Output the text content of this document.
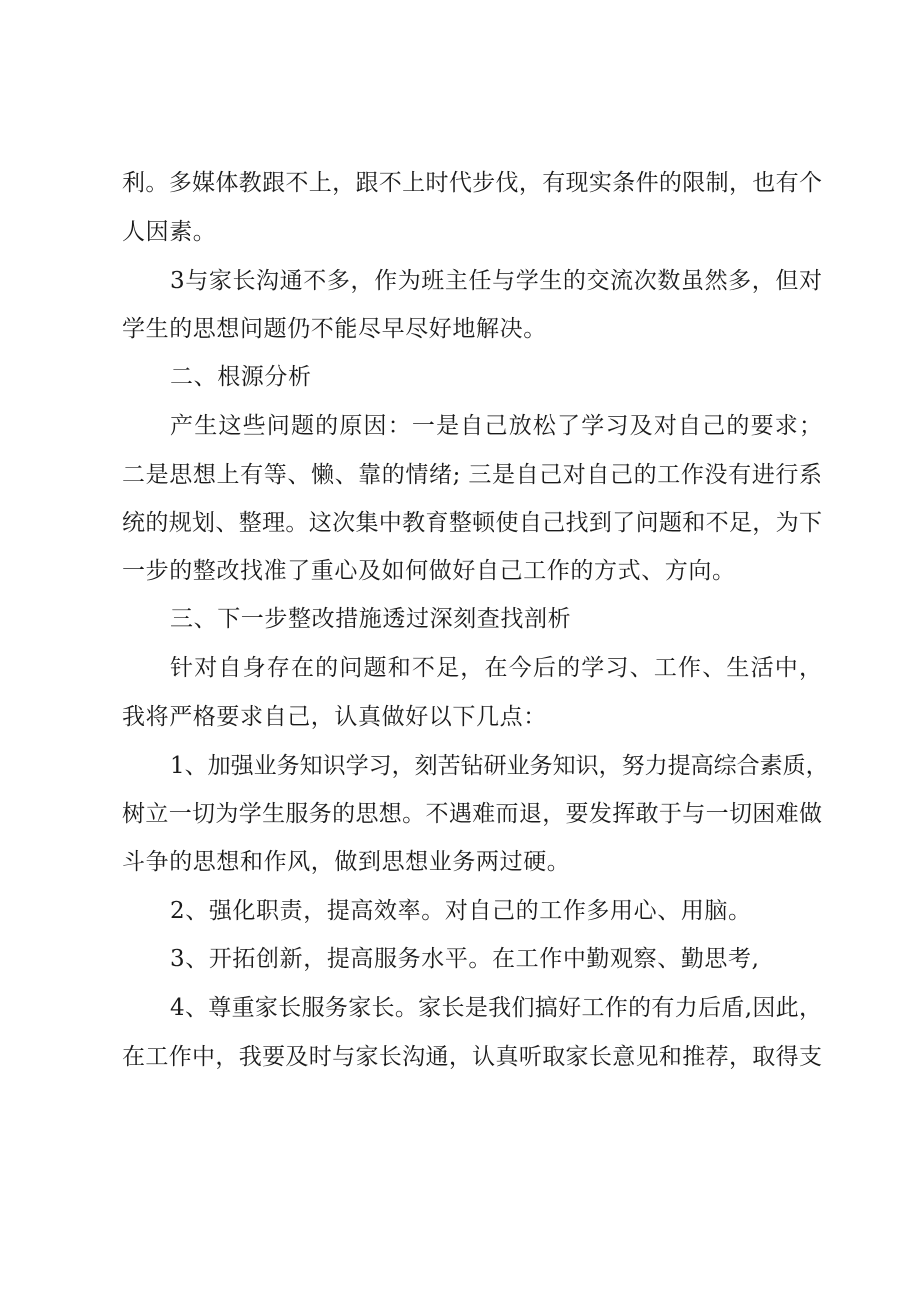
利。多媒体教跟不上，跟不上时代步伐，有现实条件的限制，也有个
人因素。
3与家长沟通不多，作为班主任与学生的交流次数虽然多，但对
学生的思想问题仍不能尽早尽好地解决。
二、根源分析
产生这些问题的原因：一是自己放松了学习及对自己的要求；
二是思想上有等、懒、靠的情绪; 三是自己对自己的工作没有进行系
统的规划、整理。这次集中教育整顿使自己找到了问题和不足，为下
一步的整改找准了重心及如何做好自己工作的方式、方向。
三、下一步整改措施透过深刻查找剖析
针对自身存在的问题和不足，在今后的学习、工作、生活中，
我将严格要求自己，认真做好以下几点：
1、加强业务知识学习，刻苦钻研业务知识，努力提高综合素质，
树立一切为学生服务的思想。不遇难而退，要发挥敢于与一切困难做
斗争的思想和作风，做到思想业务两过硬。
2、强化职责，提高效率。对自己的工作多用心、用脑。
3、开拓创新，提高服务水平。在工作中勤观察、勤思考,
4、尊重家长服务家长。家长是我们搞好工作的有力后盾,因此，
在工作中，我要及时与家长沟通，认真听取家长意见和推荐，取得支
